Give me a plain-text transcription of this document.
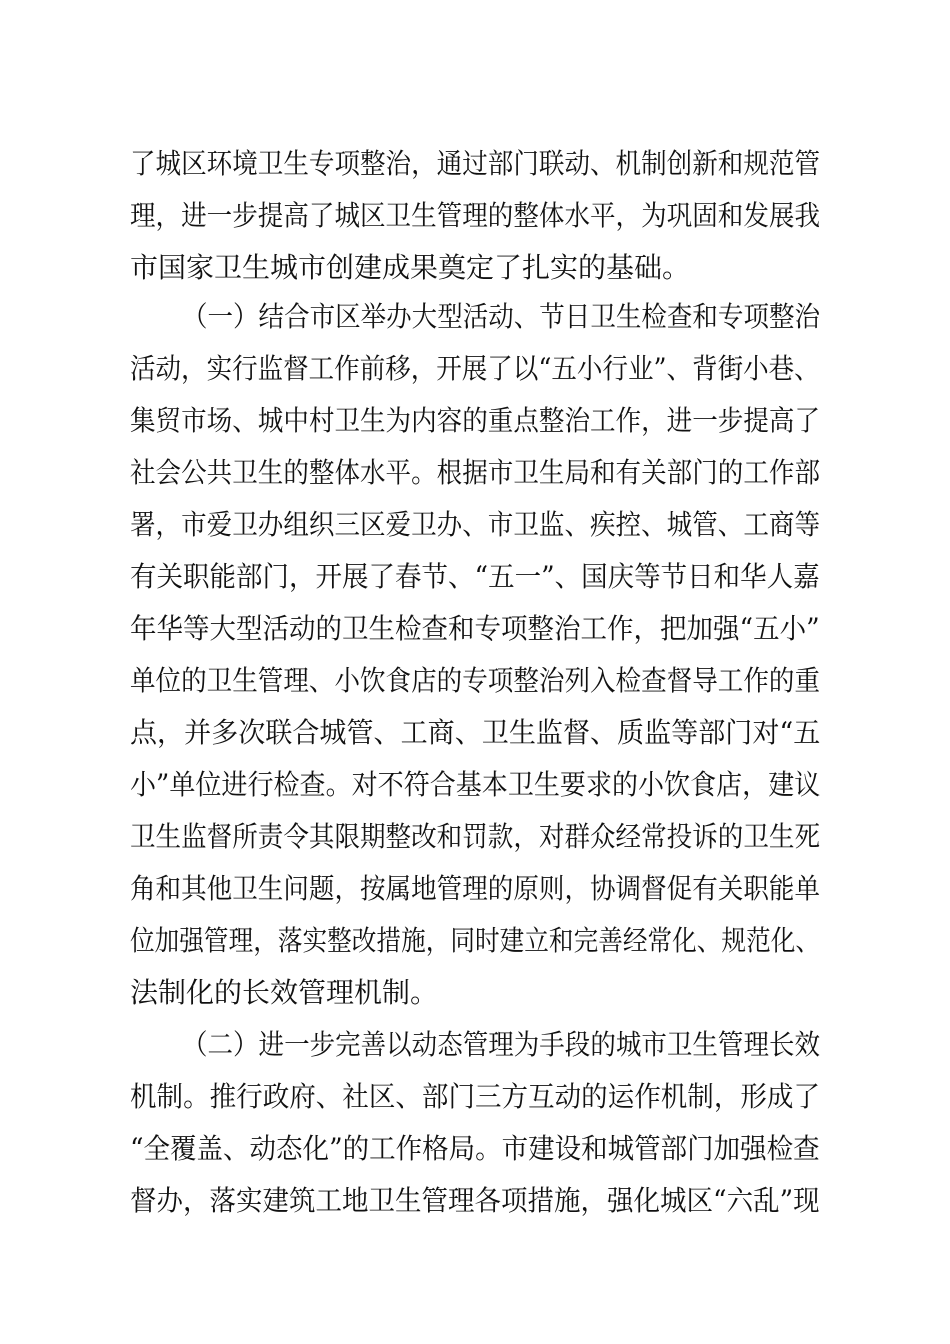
了城区环境卫生专项整治，通过部门联动、机制创新和规范管
理，进一步提高了城区卫生管理的整体水平，为巩固和发展我
市国家卫生城市创建成果奠定了扎实的基础。
（一）结合市区举办大型活动、节日卫生检查和专项整治
活动，实行监督工作前移，开展了以“五小行业”、背街小巷、
集贸市场、城中村卫生为内容的重点整治工作，进一步提高了
社会公共卫生的整体水平。根据市卫生局和有关部门的工作部
署，市爱卫办组织三区爱卫办、市卫监、疾控、城管、工商等
有关职能部门，开展了春节、“五一”、国庆等节日和华人嘉
年华等大型活动的卫生检查和专项整治工作，把加强“五小”
单位的卫生管理、小饮食店的专项整治列入检查督导工作的重
点，并多次联合城管、工商、卫生监督、质监等部门对“五
小”单位进行检查。对不符合基本卫生要求的小饮食店，建议
卫生监督所责令其限期整改和罚款，对群众经常投诉的卫生死
角和其他卫生问题，按属地管理的原则，协调督促有关职能单
位加强管理，落实整改措施，同时建立和完善经常化、规范化、
法制化的长效管理机制。
（二）进一步完善以动态管理为手段的城市卫生管理长效
机制。推行政府、社区、部门三方互动的运作机制，形成了
“全覆盖、动态化”的工作格局。市建设和城管部门加强检查
督办，落实建筑工地卫生管理各项措施，强化城区“六乱”现
